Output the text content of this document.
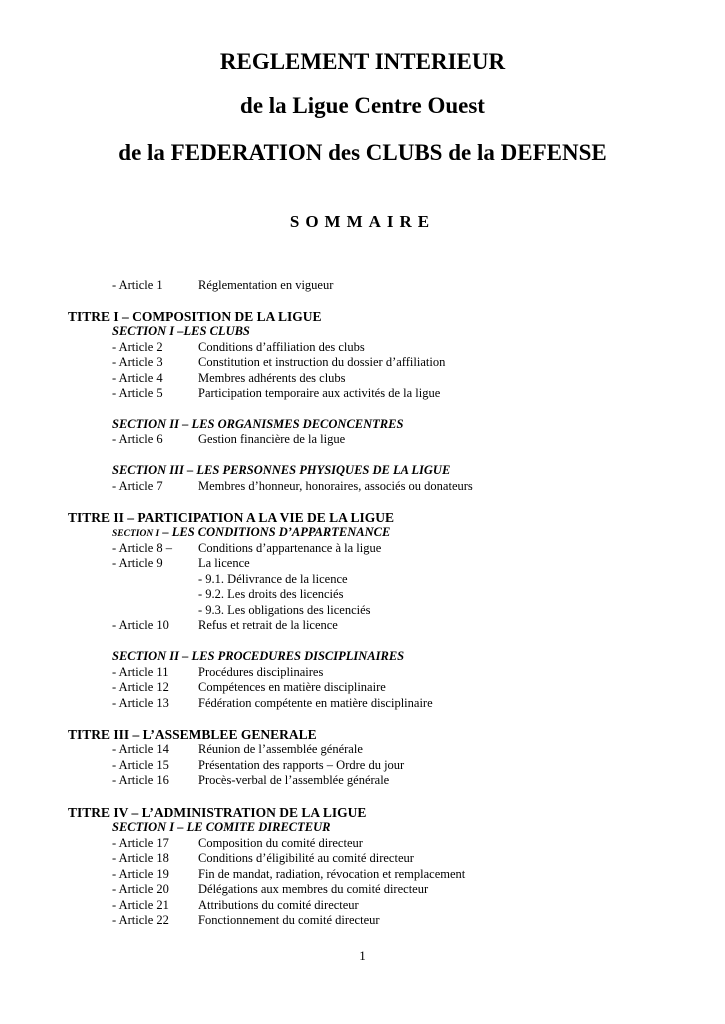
REGLEMENT INTERIEUR
de la Ligue Centre Ouest
de la FEDERATION des CLUBS de la DEFENSE
SOMMAIRE
- Article 1	Réglementation en vigueur
TITRE I – COMPOSITION DE LA LIGUE
SECTION I –LES CLUBS
- Article 2	Conditions d’affiliation des clubs
- Article 3	Constitution et instruction du dossier d’affiliation
- Article 4	Membres adhérents des clubs
- Article 5	Participation temporaire aux activités de la ligue
SECTION II – LES ORGANISMES DECONCENTRES
- Article 6	Gestion financière de la ligue
SECTION III – LES PERSONNES PHYSIQUES DE LA LIGUE
- Article 7	Membres d’honneur, honoraires, associés ou donateurs
TITRE II – PARTICIPATION A LA VIE DE LA LIGUE
SECTION I – LES CONDITIONS D’APPARTENANCE
- Article 8 – Conditions d’appartenance à la ligue
- Article 9	La licence
- 9.1. Délivrance de la licence
- 9.2. Les droits des licenciés
- 9.3. Les obligations des licenciés
- Article 10 Refus et retrait de la licence
SECTION II – LES PROCEDURES DISCIPLINAIRES
- Article 11 Procédures disciplinaires
- Article 12 Compétences en matière disciplinaire
- Article 13 Fédération compétente en matière disciplinaire
TITRE III – L’ASSEMBLEE GENERALE
- Article 14 Réunion de l’assemblée générale
- Article 15 Présentation des rapports – Ordre du jour
- Article 16 Procès-verbal de l’assemblée générale
TITRE IV – L’ADMINISTRATION DE LA LIGUE
SECTION I – LE COMITE DIRECTEUR
- Article 17 Composition du comité directeur
- Article 18 Conditions d’éligibilité au comité directeur
- Article 19 Fin de mandat, radiation, révocation et remplacement
- Article 20 Délégations aux membres du comité directeur
- Article 21 Attributions du comité directeur
- Article 22 Fonctionnement du comité directeur
1
